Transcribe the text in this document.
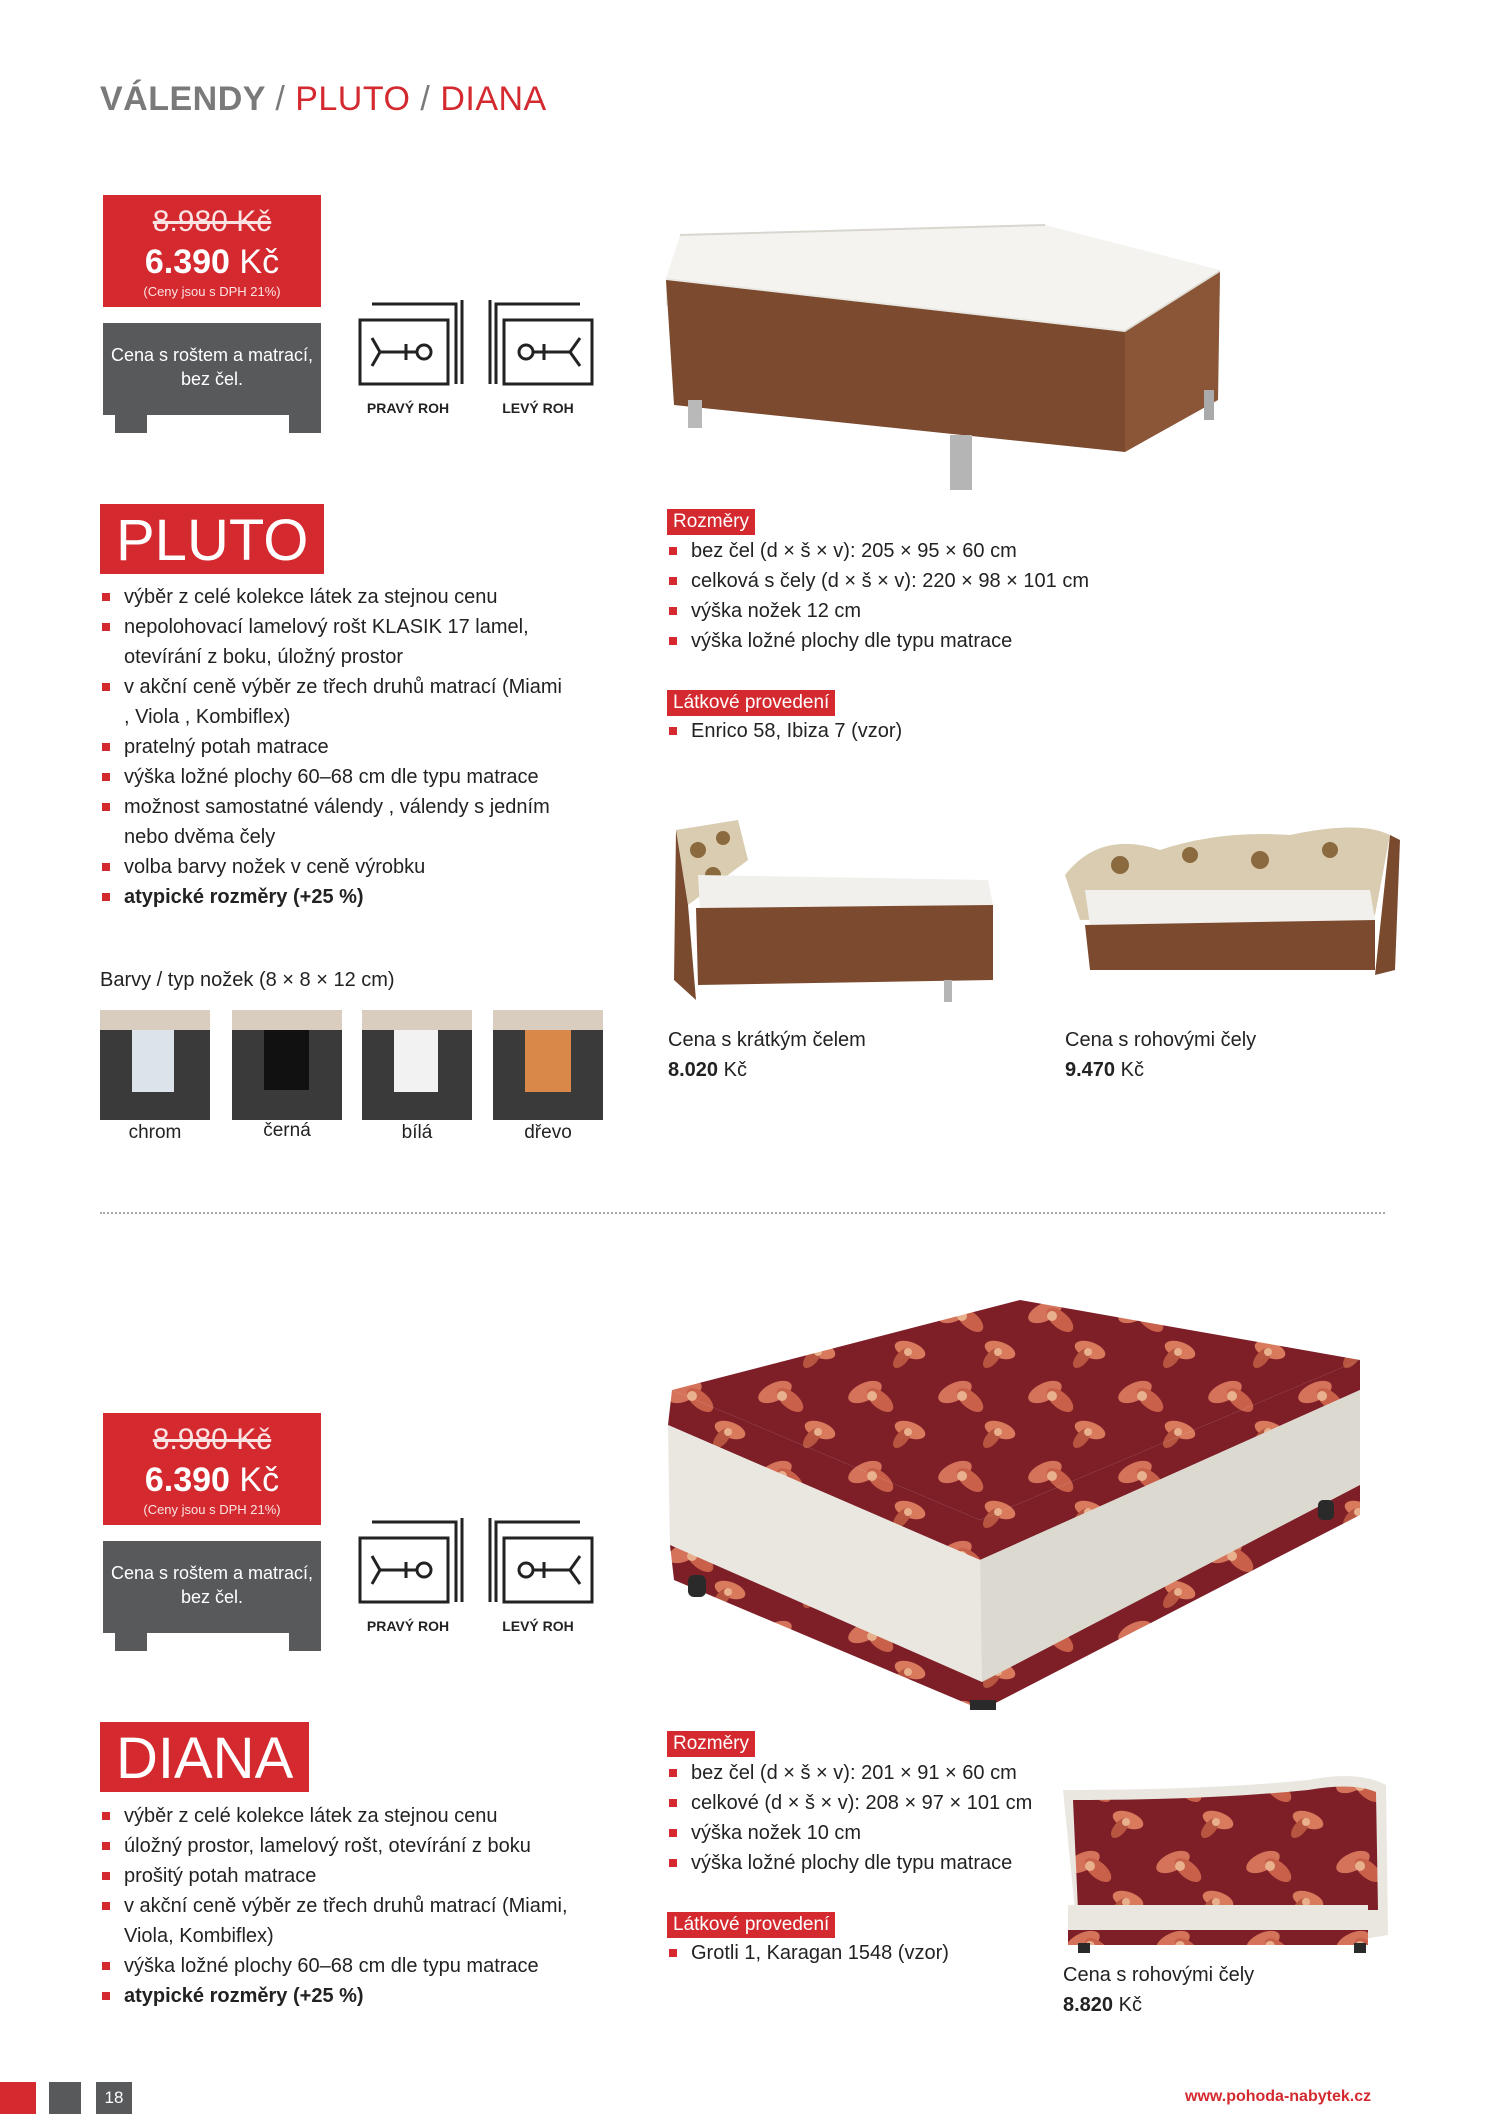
VÁLENDY / PLUTO / DIANA
8.980 Kč
6.390 Kč
(Ceny jsou s DPH 21%)
Cena s roštem a matrací,
bez čel.
PRAVÝ ROH	LEVÝ ROH
PLUTO
výběr z celé kolekce látek za stejnou cenu
nepolohovací lamelový rošt KLASIK 17 lamel, otevírání z boku, úložný prostor
v akční ceně výběr ze třech druhů matrací (Miami , Viola , Kombiflex)
pratelný potah matrace
výška ložné plochy 60–68 cm dle typu matrace
možnost samostatné válendy , válendy s jedním nebo dvěma čely
volba barvy nožek v ceně výrobku
atypické rozměry (+25 %)
Rozměry
bez čel (d × š × v): 205 × 95 × 60 cm
celková s čely (d × š × v): 220 × 98 × 101 cm
výška nožek 12 cm
výška ložné plochy dle typu matrace
Látkové provedení
Enrico 58, Ibiza 7 (vzor)
Cena s krátkým čelem
8.020 Kč
Cena s rohovými čely
9.470 Kč
Barvy / typ nožek (8 × 8 × 12 cm)
chrom	černá	bílá	dřevo
8.980 Kč
6.390 Kč
(Ceny jsou s DPH 21%)
Cena s roštem a matrací,
bez čel.
PRAVÝ ROH	LEVÝ ROH
DIANA
výběr z celé kolekce látek za stejnou cenu
úložný prostor, lamelový rošt, otevírání z boku
prošitý potah matrace
v akční ceně výběr ze třech druhů matrací (Miami, Viola, Kombiflex)
výška ložné plochy 60–68 cm dle typu matrace
atypické rozměry (+25 %)
Rozměry
bez čel (d × š × v): 201 × 91 × 60 cm
celkové (d × š × v): 208 × 97 × 101 cm
výška nožek 10 cm
výška ložné plochy dle typu matrace
Látkové provedení
Grotli 1, Karagan 1548 (vzor)
Cena s rohovými čely
8.820 Kč
18	www.pohoda-nabytek.cz
